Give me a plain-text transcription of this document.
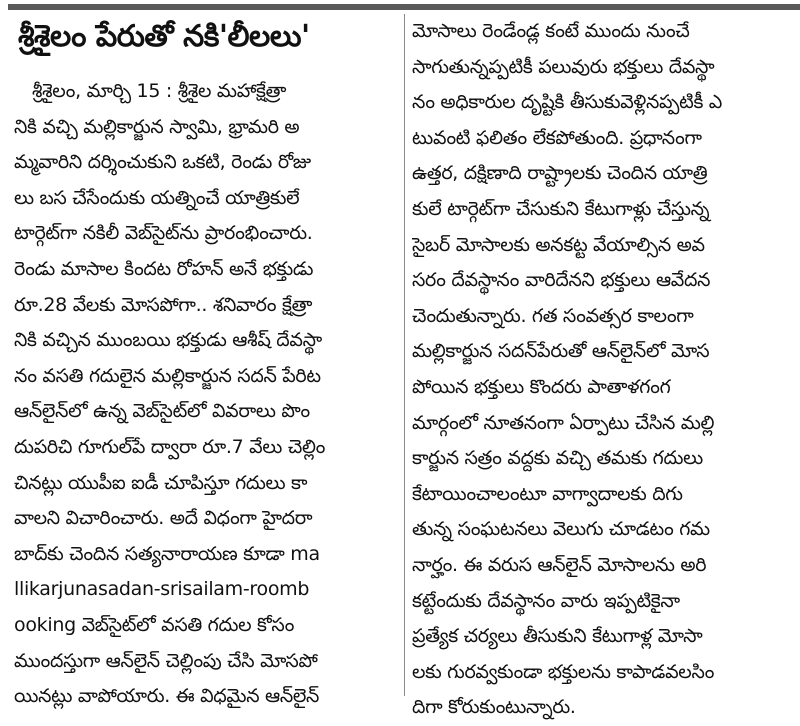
శ్రీశైలం పేరుతో నకి'లీలలు'
శ్రీశైలం, మార్చి 15 : శ్రీశైల మహాక్షేత్రా
నికి వచ్చి మల్లికార్జున స్వామి, భ్రామరి అ
మ్మవారిని దర్శించుకుని ఒకటి, రెండు రోజు
లు బస చేసేందుకు యత్నించే యాత్రికులే
టార్గెట్‌గా నకిలీ వెబ్‌సైట్‌ను ప్రారంభించారు.
రెండు మాసాల కిందట రోహన్ అనే భక్తుడు
రూ.28 వేలకు మోసపోగా.. శనివారం క్షేత్రా
నికి వచ్చిన ముంబయి భక్తుడు ఆశీష్ దేవస్థా
నం వసతి గదులైన మల్లికార్జున సదన్ పేరిట
ఆన్‌లైన్‌లో ఉన్న వెబ్‌సైట్‌లో వివరాలు పొం
దుపరిచి గూగుల్‌పే ద్వారా రూ.7 వేలు చెల్లిం
చినట్లు యుపీఐ ఐడీ చూపిస్తూ గదులు కా
వాలని విచారించారు. అదే విధంగా హైదరా
బాద్‌కు చెందిన సత్యనారాయణ కూడా ma
llikarjunasadan-srisailam-roomb
ooking వెబ్‌సైట్‌లో వసతి గదుల కోసం
ముందస్తుగా ఆన్‌లైన్ చెల్లింపు చేసి మోసపో
యినట్లు వాపోయారు. ఈ విధమైన ఆన్‌లైన్
మోసాలు రెండేండ్ల కంటే ముందు నుంచే
సాగుతున్నప్పటికీ పలువురు భక్తులు దేవస్థా
నం అధికారుల దృష్టికి తీసుకువెళ్లినప్పటికీ ఎ
టువంటి ఫలితం లేకపోతుంది. ప్రధానంగా
ఉత్తర, దక్షిణాది రాష్ట్రాలకు చెందిన యాత్రి
కులే టార్గెట్‌గా చేసుకుని కేటుగాళ్లు చేస్తున్న
సైబర్ మోసాలకు అనకట్ట వేయాల్సిన అవ
సరం దేవస్థానం వారిదేనని భక్తులు ఆవేదన
చెందుతున్నారు. గత సంవత్సర కాలంగా
మల్లికార్జున సదన్‌పేరుతో ఆన్‌లైన్‌లో మోస
పోయిన భక్తులు కొందరు పాతాళగంగ
మార్గంలో నూతనంగా ఏర్పాటు చేసిన మల్లి
కార్జున సత్రం వద్దకు వచ్చి తమకు గదులు
కేటాయించాలంటూ వాగ్వాదాలకు దిగు
తున్న సంఘటనలు వెలుగు చూడటం గమ
నార్హం. ఈ వరుస ఆన్‌లైన్ మోసాలను అరి
కట్టేందుకు దేవస్థానం వారు ఇప్పటికైనా
ప్రత్యేక చర్యలు తీసుకుని కేటుగాళ్ల మోసా
లకు గురవ్వకుండా భక్తులను కాపాడవలసిం
దిగా కోరుకుంటున్నారు.
